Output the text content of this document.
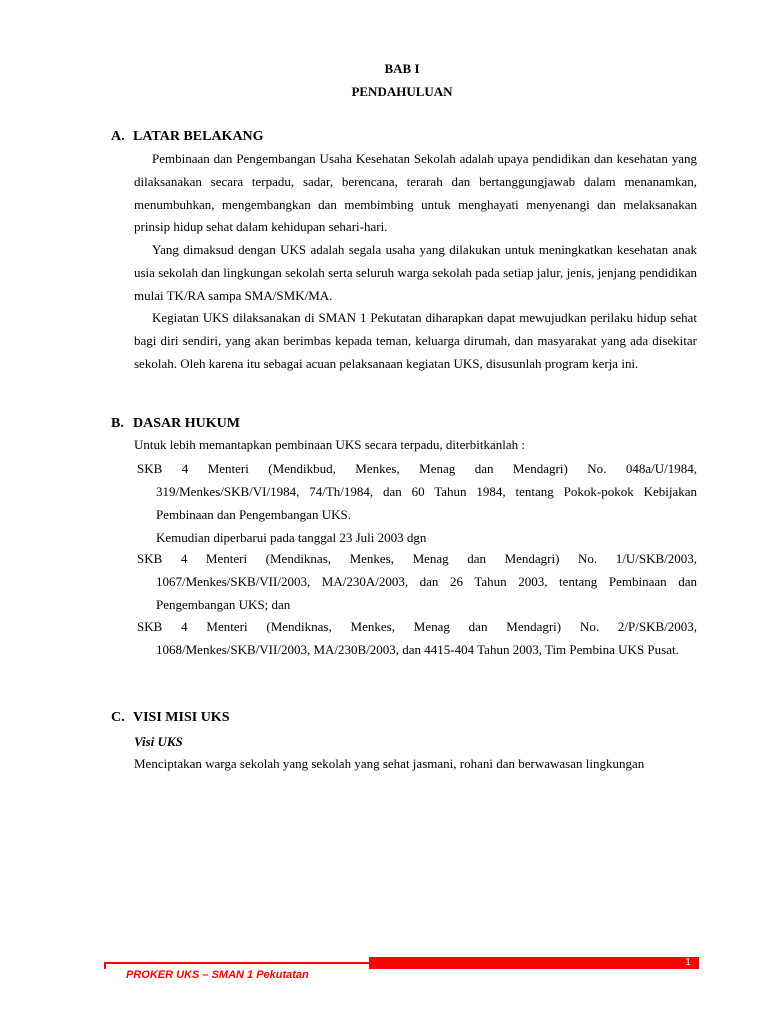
BAB I
PENDAHULUAN
A. LATAR BELAKANG

Pembinaan dan Pengembangan Usaha Kesehatan Sekolah adalah upaya pendidikan dan kesehatan yang dilaksanakan secara terpadu, sadar, berencana, terarah dan bertanggungjawab dalam menanamkan, menumbuhkan, mengembangkan dan membimbing untuk menghayati menyenangi dan melaksanakan prinsip hidup sehat dalam kehidupan sehari-hari.

Yang dimaksud dengan UKS adalah segala usaha yang dilakukan untuk meningkatkan kesehatan anak usia sekolah dan lingkungan sekolah serta seluruh warga sekolah pada setiap jalur, jenis, jenjang pendidikan mulai TK/RA sampa SMA/SMK/MA.

Kegiatan UKS dilaksanakan di SMAN 1 Pekutatan diharapkan dapat mewujudkan perilaku hidup sehat bagi diri sendiri, yang akan berimbas kepada teman, keluarga dirumah, dan masyarakat yang ada disekitar sekolah. Oleh karena itu sebagai acuan pelaksanaan kegiatan UKS, disusunlah program kerja ini.

B. DASAR HUKUM
Untuk lebih memantapkan pembinaan UKS secara terpadu, diterbitkanlah :

SKB 4 Menteri (Mendikbud, Menkes, Menag dan Mendagri) No. 048a/U/1984, 319/Menkes/SKB/VI/1984, 74/Th/1984, dan 60 Tahun 1984, tentang Pokok-pokok Kebijakan Pembinaan dan Pengembangan UKS.

Kemudian diperbarui pada tanggal 23 Juli 2003 dgn

SKB 4 Menteri (Mendiknas, Menkes, Menag dan Mendagri) No. 1/U/SKB/2003, 1067/Menkes/SKB/VII/2003, MA/230A/2003, dan 26 Tahun 2003, tentang Pembinaan dan Pengembangan UKS; dan

SKB 4 Menteri (Mendiknas, Menkes, Menag dan Mendagri) No. 2/P/SKB/2003, 1068/Menkes/SKB/VII/2003, MA/230B/2003, dan 4415-404 Tahun 2003, Tim Pembina UKS Pusat.

C. VISI MISI UKS
Visi UKS
Menciptakan warga sekolah yang sekolah yang sehat jasmani, rohani dan berwawasan lingkungan
1
PROKER UKS – SMAN 1 Pekutatan
